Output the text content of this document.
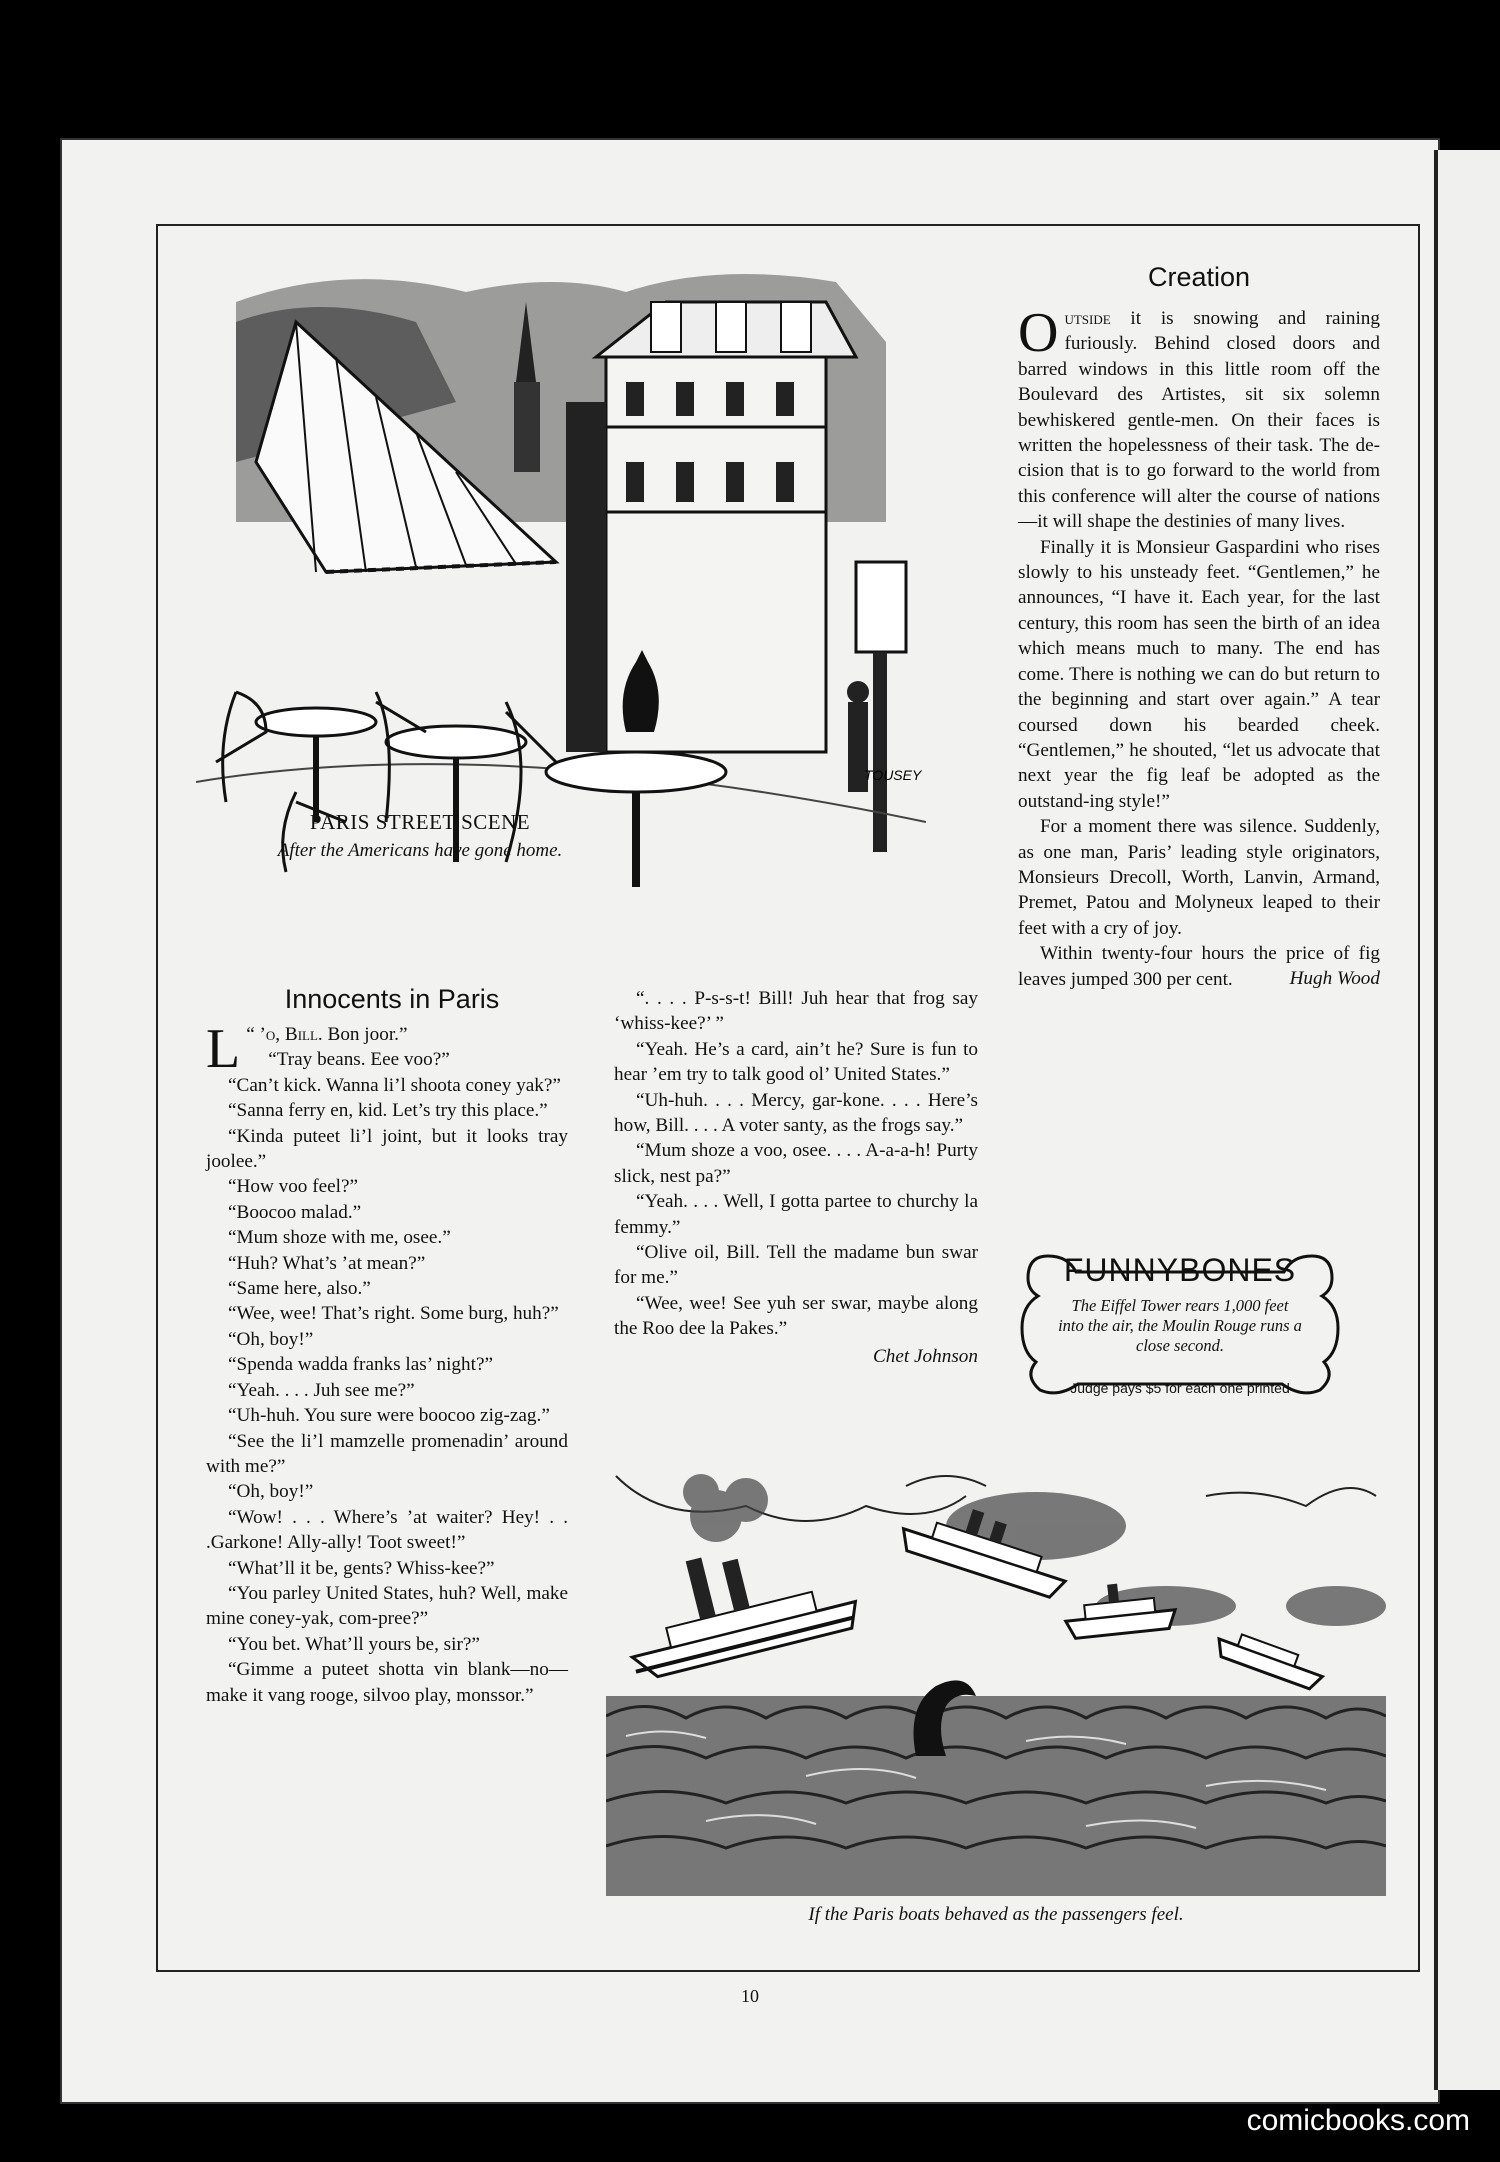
TOUSEY
PARIS STREET SCENE
After the Americans have gone home.
Innocents in Paris

“ ’
L o, Bill. Bon joor.”

“Tray beans. Eee voo?”

“Can’t kick. Wanna li’l shoota coney yak?”

“Sanna ferry en, kid. Let’s try this place.”

“Kinda puteet li’l joint, but it looks tray joolee.”

“How voo feel?”

“Boocoo malad.”

“Mum shoze with me, osee.”

“Huh? What’s ’at mean?”

“Same here, also.”

“Wee, wee! That’s right. Some burg, huh?”

“Oh, boy!”

“Spenda wadda franks las’ night?”

“Yeah. . . . Juh see me?”

“Uh-huh. You sure were boocoo zig-zag.”

“See the li’l mamzelle promenadin’ around with me?”

“Oh, boy!”

“Wow! . . . Where’s ’at waiter? Hey! . . .Garkone! Ally-ally! Toot sweet!”

“What’ll it be, gents? Whiss-kee?”

“You parley United States, huh? Well, make mine coney-yak, com-pree?”

“You bet. What’ll yours be, sir?”

“Gimme a puteet shotta vin blank—no—make it vang rooge, silvoo play, monssor.”

“. . . . P-s-s-t! Bill! Juh hear that frog say ‘whiss-kee?’ ”

“Yeah. He’s a card, ain’t he? Sure is fun to hear ’em try to talk good ol’ United States.”

“Uh-huh. . . . Mercy, gar-kone. . . . Here’s how, Bill. . . . A voter santy, as the frogs say.”

“Mum shoze a voo, osee. . . . A-a-a-h! Purty slick, nest pa?”

“Yeah. . . . Well, I gotta partee to churchy la femmy.”

“Olive oil, Bill. Tell the madame bun swar for me.”

“Wee, wee! See yuh ser swar, maybe along the Roo dee la Pakes.”

Chet Johnson

Creation

Outside it is snowing and raining furiously. Behind closed doors and barred windows in this little room off the Boulevard des Artistes, sit six solemn bewhiskered gentle-men. On their faces is written the hopelessness of their task. The de-cision that is to go forward to the world from this conference will alter the course of nations—it will shape the destinies of many lives.

Finally it is Monsieur Gaspardini who rises slowly to his unsteady feet. “Gentlemen,” he announces, “I have it. Each year, for the last century, this room has seen the birth of an idea which means much to many. The end has come. There is nothing we can do but return to the beginning and start over again.” A tear coursed down his bearded cheek. “Gentlemen,” he shouted, “let us advocate that next year the fig leaf be adopted as the outstand-ing style!”

For a moment there was silence. Suddenly, as one man, Paris’ leading style originators, Monsieurs Drecoll, Worth, Lanvin, Armand, Premet, Patou and Molyneux leaped to their feet with a cry of joy.

Within twenty-four hours the price of fig leaves jumped 300 per cent.	Hugh Wood

FUNNYBONES
The Eiffel Tower rears 1,000 feet into the air, the Moulin Rouge runs a close second.
Judge pays $5 for each one printed
If the Paris boats behaved as the passengers feel.
10
comicbooks.com
